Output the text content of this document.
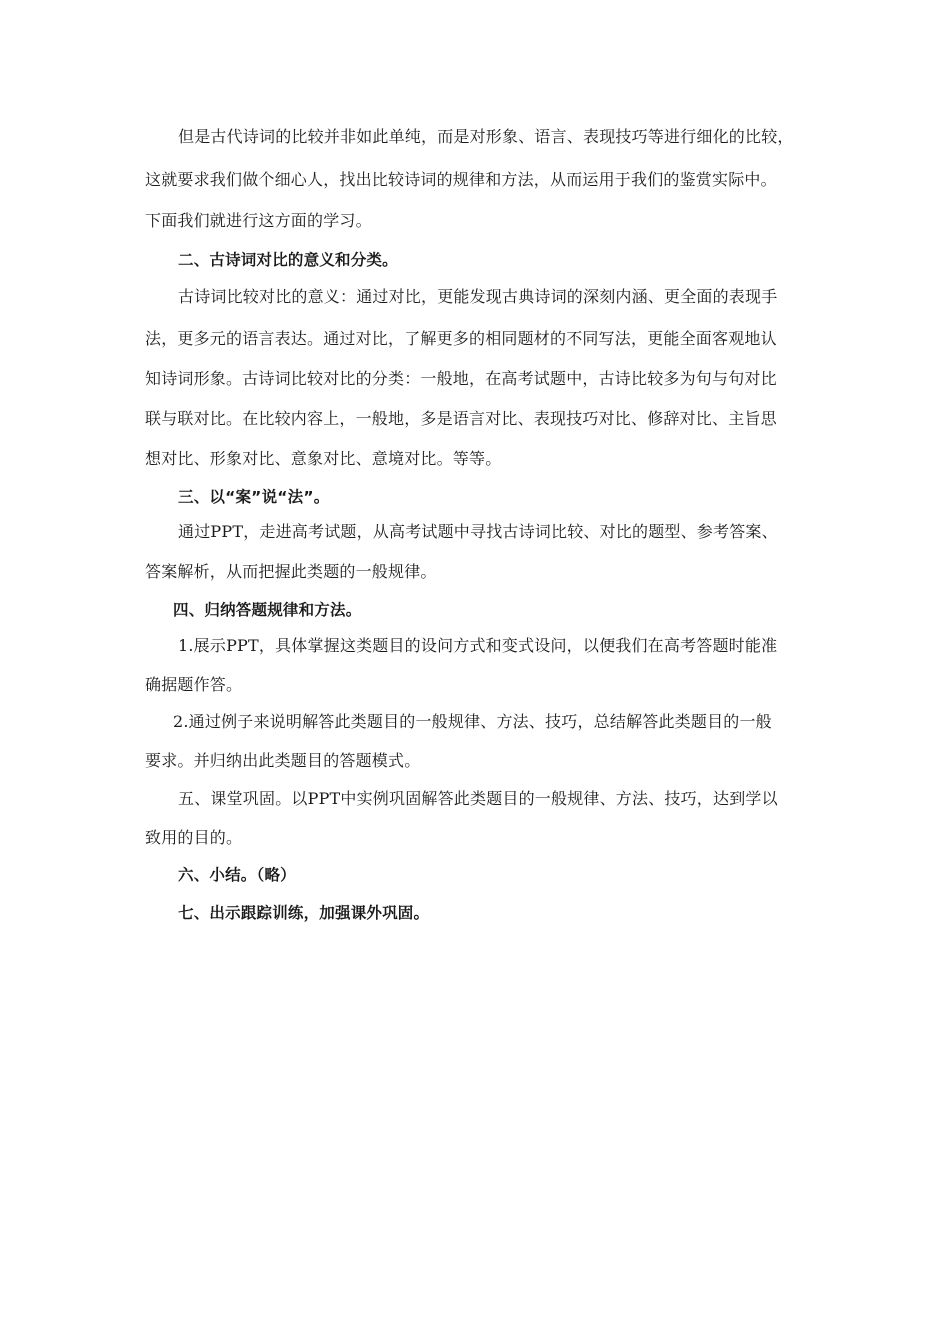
但是古代诗词的比较并非如此单纯，而是对形象、语言、表现技巧等进行细化的比较，
这就要求我们做个细心人，找出比较诗词的规律和方法，从而运用于我们的鉴赏实际中。
下面我们就进行这方面的学习。
二、古诗词对比的意义和分类。
古诗词比较对比的意义：通过对比，更能发现古典诗词的深刻内涵、更全面的表现手
法，更多元的语言表达。通过对比，了解更多的相同题材的不同写法，更能全面客观地认
知诗词形象。古诗词比较对比的分类：一般地，在高考试题中，古诗比较多为句与句对比
联与联对比。在比较内容上，一般地，多是语言对比、表现技巧对比、修辞对比、主旨思
想对比、形象对比、意象对比、意境对比。等等。
三、以“案”说“法”。
通过PPT，走进高考试题，从高考试题中寻找古诗词比较、对比的题型、参考答案、
答案解析，从而把握此类题的一般规律。
四、归纳答题规律和方法。
1.展示PPT，具体掌握这类题目的设问方式和变式设问，以便我们在高考答题时能准
确据题作答。
2.通过例子来说明解答此类题目的一般规律、方法、技巧，总结解答此类题目的一般
要求。并归纳出此类题目的答题模式。
五、课堂巩固。以PPT中实例巩固解答此类题目的一般规律、方法、技巧，达到学以
致用的目的。
六、小结。（略）
七、出示跟踪训练，加强课外巩固。
